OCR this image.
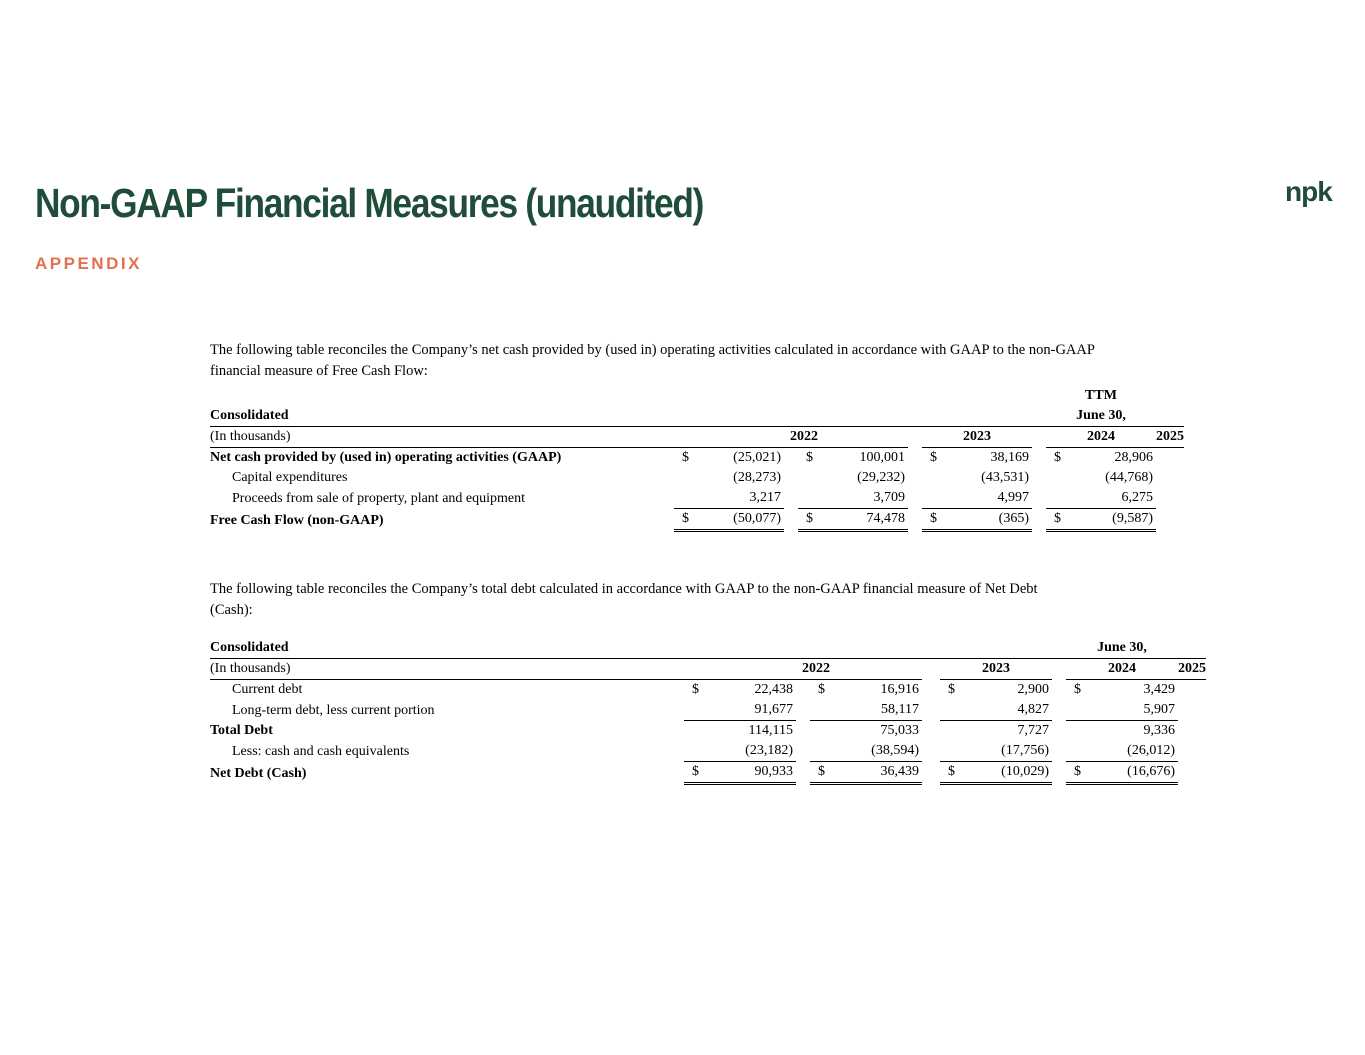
Non-GAAP Financial Measures (unaudited)
APPENDIX
npk

The following table reconciles the Company’s net cash provided by (used in) operating activities calculated in accordance with GAAP to the non-GAAP financial measure of Free Cash Flow:

										TTM		
Consolidated										June 30,		
(In thousands)			2022				2023			2024		2025
Net cash provided by (used in) operating activities (GAAP)	$	(25,021)		$	100,001		$	38,169		$	28,906	
Capital expenditures		(28,273)			(29,232)			(43,531)			(44,768)	
Proceeds from sale of property, plant and equipment		3,217			3,709			4,997			6,275	
Free Cash Flow (non-GAAP)	$	(50,077)		$	74,478		$	(365)		$	(9,587)	

The following table reconciles the Company’s total debt calculated in accordance with GAAP to the non-GAAP financial measure of Net Debt (Cash):

Consolidated										June 30,		
(In thousands)			2022				2023			2024		2025
Current debt	$	22,438		$	16,916		$	2,900		$	3,429	
Long-term debt, less current portion		91,677			58,117			4,827			5,907	
Total Debt		114,115			75,033			7,727			9,336	
Less: cash and cash equivalents		(23,182)			(38,594)			(17,756)			(26,012)	
Net Debt (Cash)	$	90,933		$	36,439		$	(10,029)		$	(16,676)	
